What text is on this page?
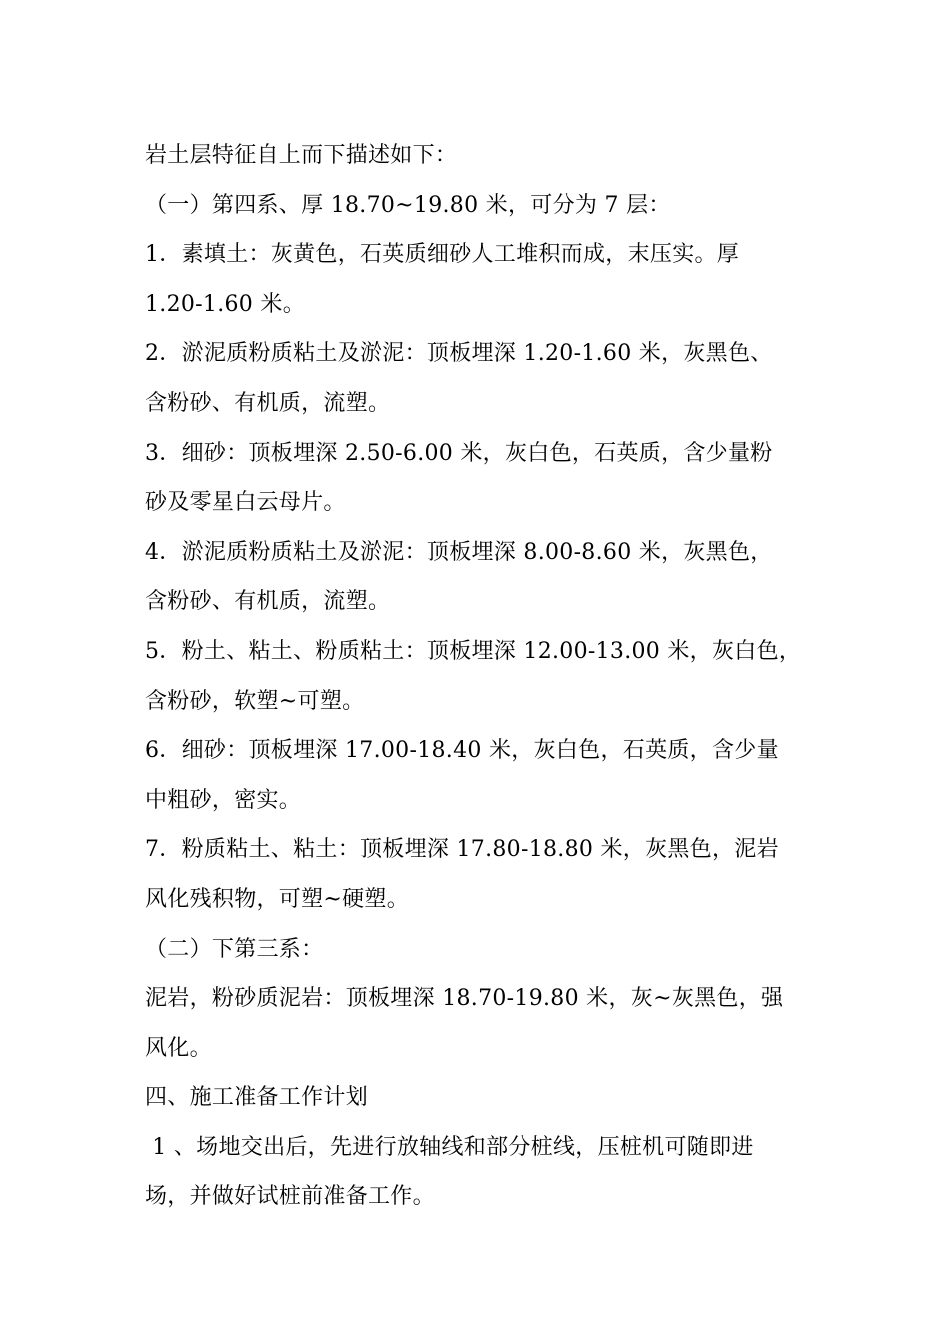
岩土层特征自上而下描述如下：
（一）第四系、厚 18.70~19.80 米，可分为 7 层：
1．素填土：灰黄色，石英质细砂人工堆积而成，末压实。厚
1.20-1.60 米。
2．淤泥质粉质粘土及淤泥：顶板埋深 1.20-1.60 米，灰黑色、
含粉砂、有机质，流塑。
3．细砂：顶板埋深 2.50-6.00 米，灰白色，石英质，含少量粉
砂及零星白云母片。
4．淤泥质粉质粘土及淤泥：顶板埋深 8.00-8.60 米，灰黑色，
含粉砂、有机质，流塑。
5．粉土、粘土、粉质粘土：顶板埋深 12.00-13.00 米，灰白色，
含粉砂，软塑~可塑。
6．细砂：顶板埋深 17.00-18.40 米，灰白色，石英质，含少量
中粗砂，密实。
7．粉质粘土、粘土：顶板埋深 17.80-18.80 米，灰黑色，泥岩
风化残积物，可塑~硬塑。
（二）下第三系：
泥岩，粉砂质泥岩：顶板埋深 18.70-19.80 米，灰~灰黑色，强
风化。
四、施工准备工作计划
1 、场地交出后，先进行放轴线和部分桩线，压桩机可随即进
场，并做好试桩前准备工作。
